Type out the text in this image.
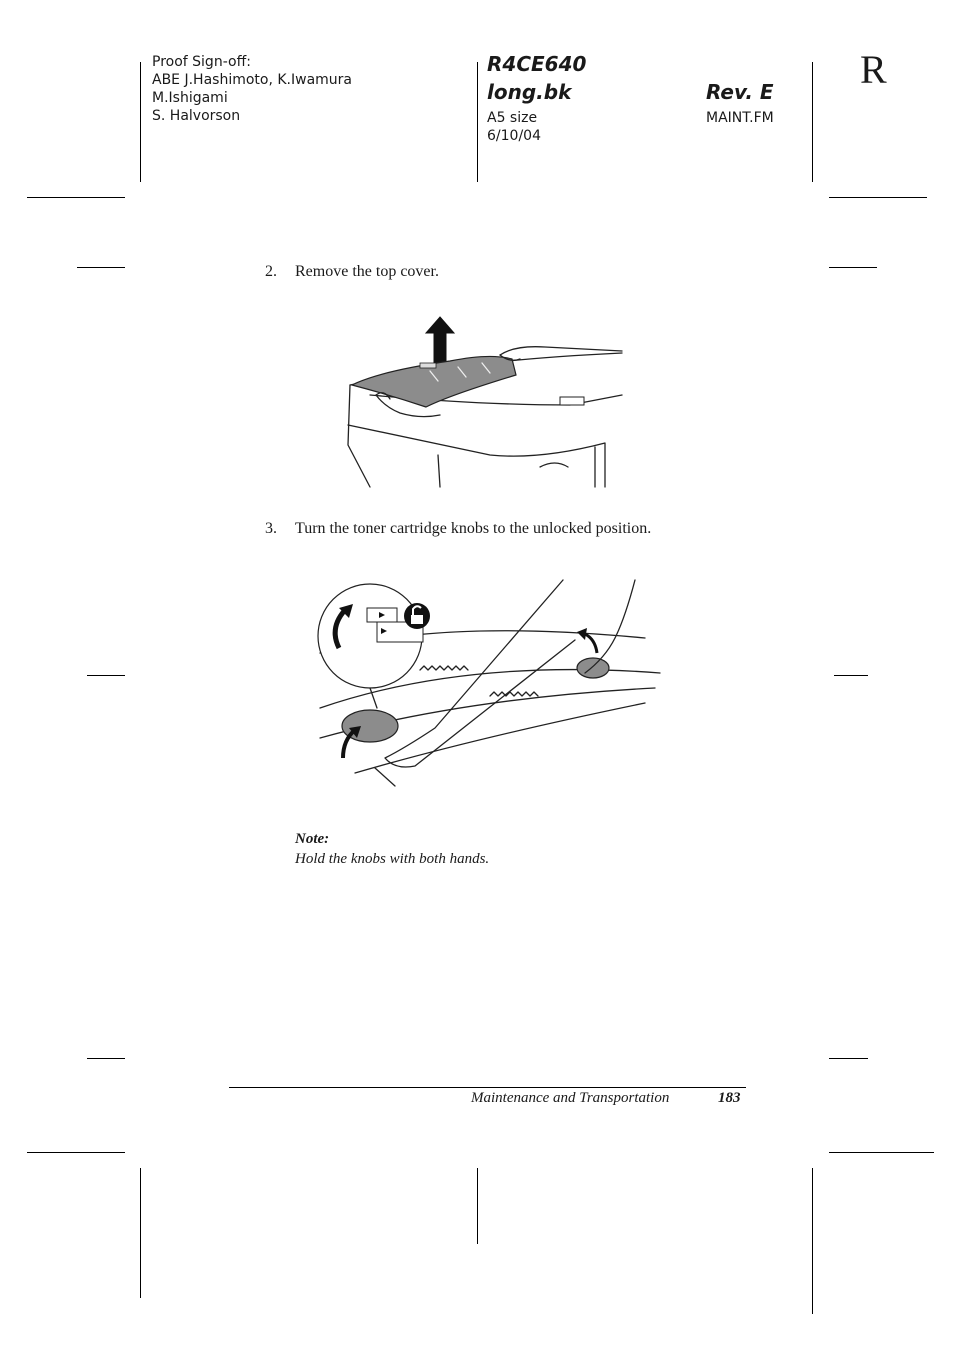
Proof Sign-off:
ABE J.Hashimoto, K.Iwamura
M.Ishigami
S. Halvorson
R4CE640
long.bk	Rev. E
A5 size
6/10/04
MAINT.FM
R
2. Remove the top cover.
3. Turn the toner cartridge knobs to the unlocked position.
Note:
Hold the knobs with both hands.
Maintenance and Transportation	183
